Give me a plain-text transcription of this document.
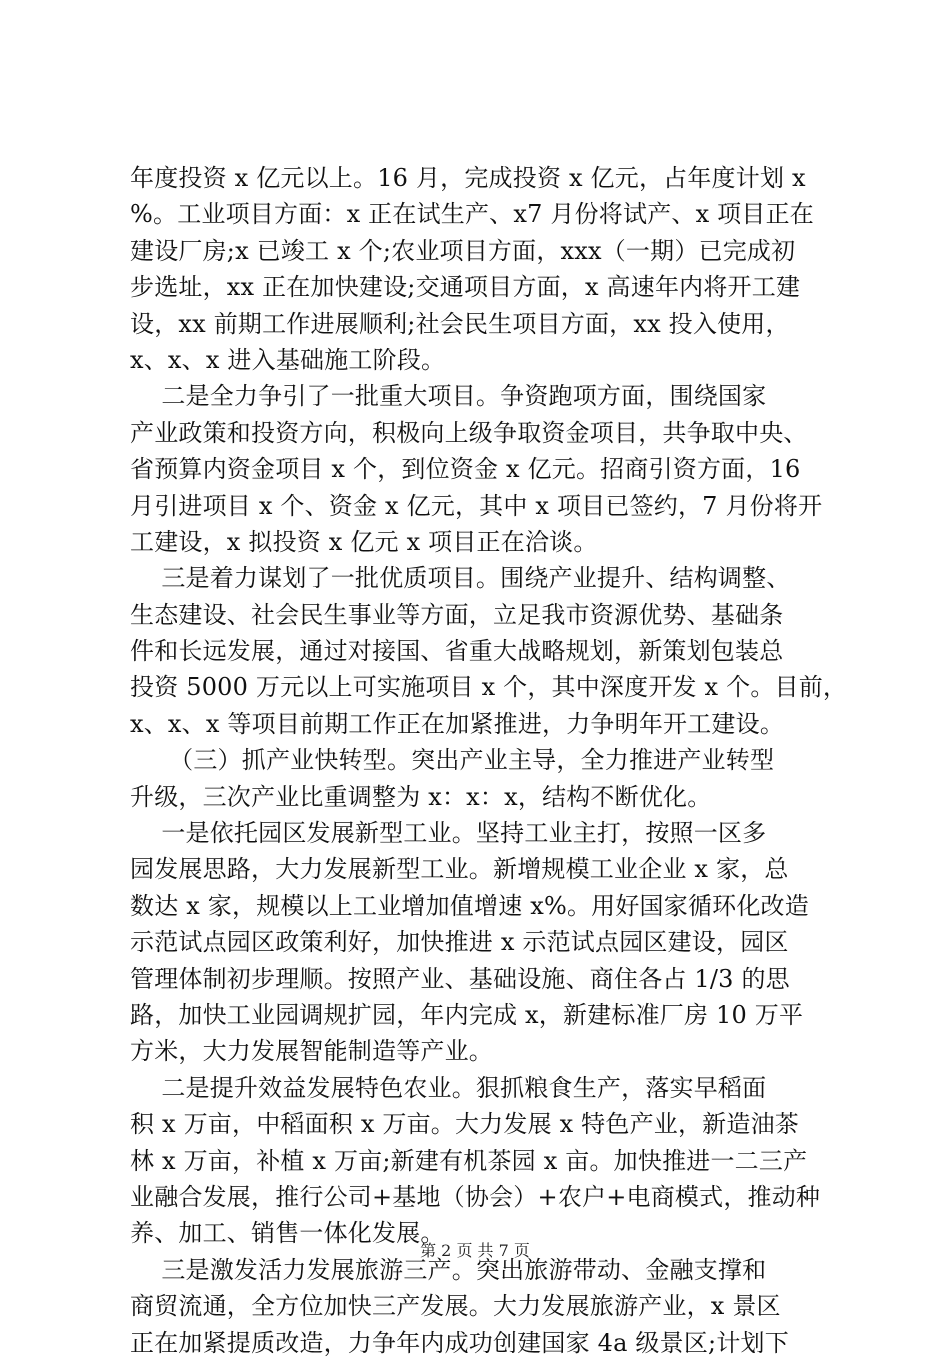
年度投资 x 亿元以上。16 月，完成投资 x 亿元，占年度计划 x
%。工业项目方面：x 正在试生产、x7 月份将试产、x 项目正在
建设厂房;x 已竣工 x 个;农业项目方面，xxx（一期）已完成初
步选址，xx 正在加快建设;交通项目方面，x 高速年内将开工建
设，xx 前期工作进展顺利;社会民生项目方面，xx 投入使用，
x、x、x 进入基础施工阶段。
二是全力争引了一批重大项目。争资跑项方面，围绕国家
产业政策和投资方向，积极向上级争取资金项目，共争取中央、
省预算内资金项目 x 个，到位资金 x 亿元。招商引资方面，16
月引进项目 x 个、资金 x 亿元，其中 x 项目已签约，7 月份将开
工建设，x 拟投资 x 亿元 x 项目正在洽谈。
三是着力谋划了一批优质项目。围绕产业提升、结构调整、
生态建设、社会民生事业等方面，立足我市资源优势、基础条
件和长远发展，通过对接国、省重大战略规划，新策划包装总
投资 5000 万元以上可实施项目 x 个，其中深度开发 x 个。目前，
x、x、x 等项目前期工作正在加紧推进，力争明年开工建设。
（三）抓产业快转型。突出产业主导，全力推进产业转型
升级，三次产业比重调整为 x：x：x，结构不断优化。
一是依托园区发展新型工业。坚持工业主打，按照一区多
园发展思路，大力发展新型工业。新增规模工业企业 x 家，总
数达 x 家，规模以上工业增加值增速 x%。用好国家循环化改造
示范试点园区政策利好，加快推进 x 示范试点园区建设，园区
管理体制初步理顺。按照产业、基础设施、商住各占 1/3 的思
路，加快工业园调规扩园，年内完成 x，新建标准厂房 10 万平
方米，大力发展智能制造等产业。
二是提升效益发展特色农业。狠抓粮食生产，落实早稻面
积 x 万亩，中稻面积 x 万亩。大力发展 x 特色产业，新造油茶
林 x 万亩，补植 x 万亩;新建有机茶园 x 亩。加快推进一二三产
业融合发展，推行公司+基地（协会）+农户+电商模式，推动种
养、加工、销售一体化发展。
三是激发活力发展旅游三产。突出旅游带动、金融支撑和
商贸流通，全方位加快三产发展。大力发展旅游产业，x 景区
正在加紧提质改造，力争年内成功创建国家 4a 级景区;计划下
第 2 页 共 7 页
